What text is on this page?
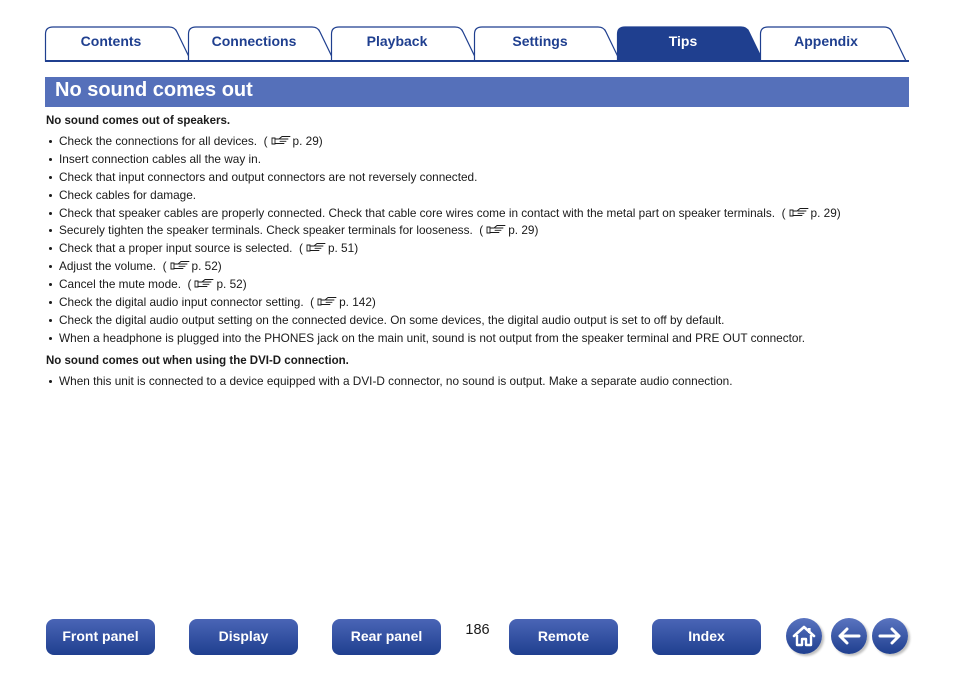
Contents	Connections	Playback	Settings	Tips	Appendix
No sound comes out
No sound comes out of speakers.
Check the connections for all devices.  ( p. 29)
Insert connection cables all the way in.
Check that input connectors and output connectors are not reversely connected.
Check cables for damage.
Check that speaker cables are properly connected. Check that cable core wires come in contact with the metal part on speaker terminals.  ( p. 29)
Securely tighten the speaker terminals. Check speaker terminals for looseness.  ( p. 29)
Check that a proper input source is selected.  ( p. 51)
Adjust the volume.  ( p. 52)
Cancel the mute mode.  ( p. 52)
Check the digital audio input connector setting.  ( p. 142)
Check the digital audio output setting on the connected device. On some devices, the digital audio output is set to off by default.
When a headphone is plugged into the PHONES jack on the main unit, sound is not output from the speaker terminal and PRE OUT connector.
No sound comes out when using the DVI-D connection.
When this unit is connected to a device equipped with a DVI-D connector, no sound is output. Make a separate audio connection.
Front panel	Display	Rear panel	186	Remote	Index
